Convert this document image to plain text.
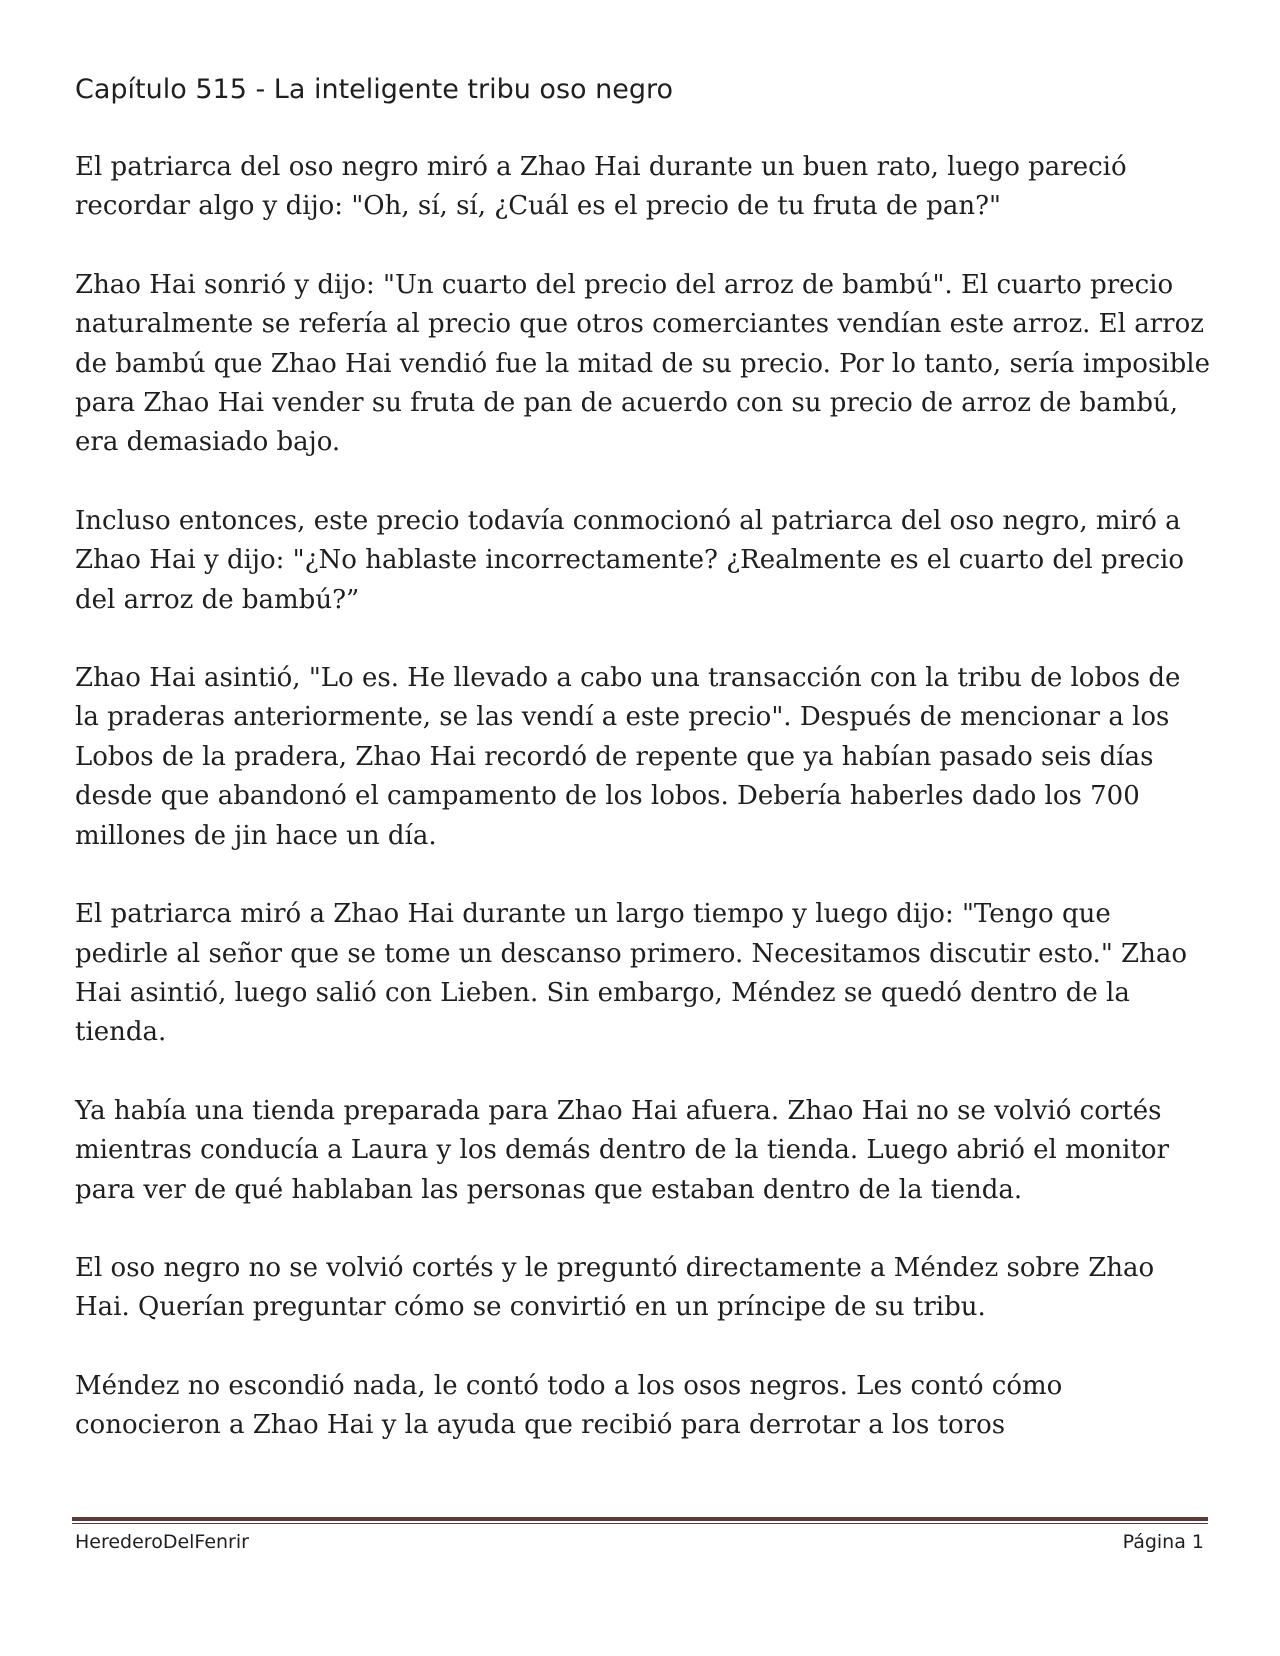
Capítulo 515 - La inteligente tribu oso negro

El patriarca del oso negro miró a Zhao Hai durante un buen rato, luego pareció recordar algo y dijo: "Oh, sí, sí, ¿Cuál es el precio de tu fruta de pan?"

Zhao Hai sonrió y dijo: "Un cuarto del precio del arroz de bambú". El cuarto precio naturalmente se refería al precio que otros comerciantes vendían este arroz. El arroz de bambú que Zhao Hai vendió fue la mitad de su precio. Por lo tanto, sería imposible para Zhao Hai vender su fruta de pan de acuerdo con su precio de arroz de bambú, era demasiado bajo.

Incluso entonces, este precio todavía conmocionó al patriarca del oso negro, miró a Zhao Hai y dijo: "¿No hablaste incorrectamente? ¿Realmente es el cuarto del precio del arroz de bambú?”

Zhao Hai asintió, "Lo es. He llevado a cabo una transacción con la tribu de lobos de la praderas anteriormente, se las vendí a este precio". Después de mencionar a los Lobos de la pradera, Zhao Hai recordó de repente que ya habían pasado seis días desde que abandonó el campamento de los lobos. Debería haberles dado los 700 millones de jin hace un día.

El patriarca miró a Zhao Hai durante un largo tiempo y luego dijo: "Tengo que pedirle al señor que se tome un descanso primero. Necesitamos discutir esto." Zhao Hai asintió, luego salió con Lieben. Sin embargo, Méndez se quedó dentro de la tienda.

Ya había una tienda preparada para Zhao Hai afuera. Zhao Hai no se volvió cortés mientras conducía a Laura y los demás dentro de la tienda. Luego abrió el monitor para ver de qué hablaban las personas que estaban dentro de la tienda.

El oso negro no se volvió cortés y le preguntó directamente a Méndez sobre Zhao Hai. Querían preguntar cómo se convirtió en un príncipe de su tribu.

Méndez no escondió nada, le contó todo a los osos negros. Les contó cómo conocieron a Zhao Hai y la ayuda que recibió para derrotar a los toros

HerederoDelFenrir	Página 1
